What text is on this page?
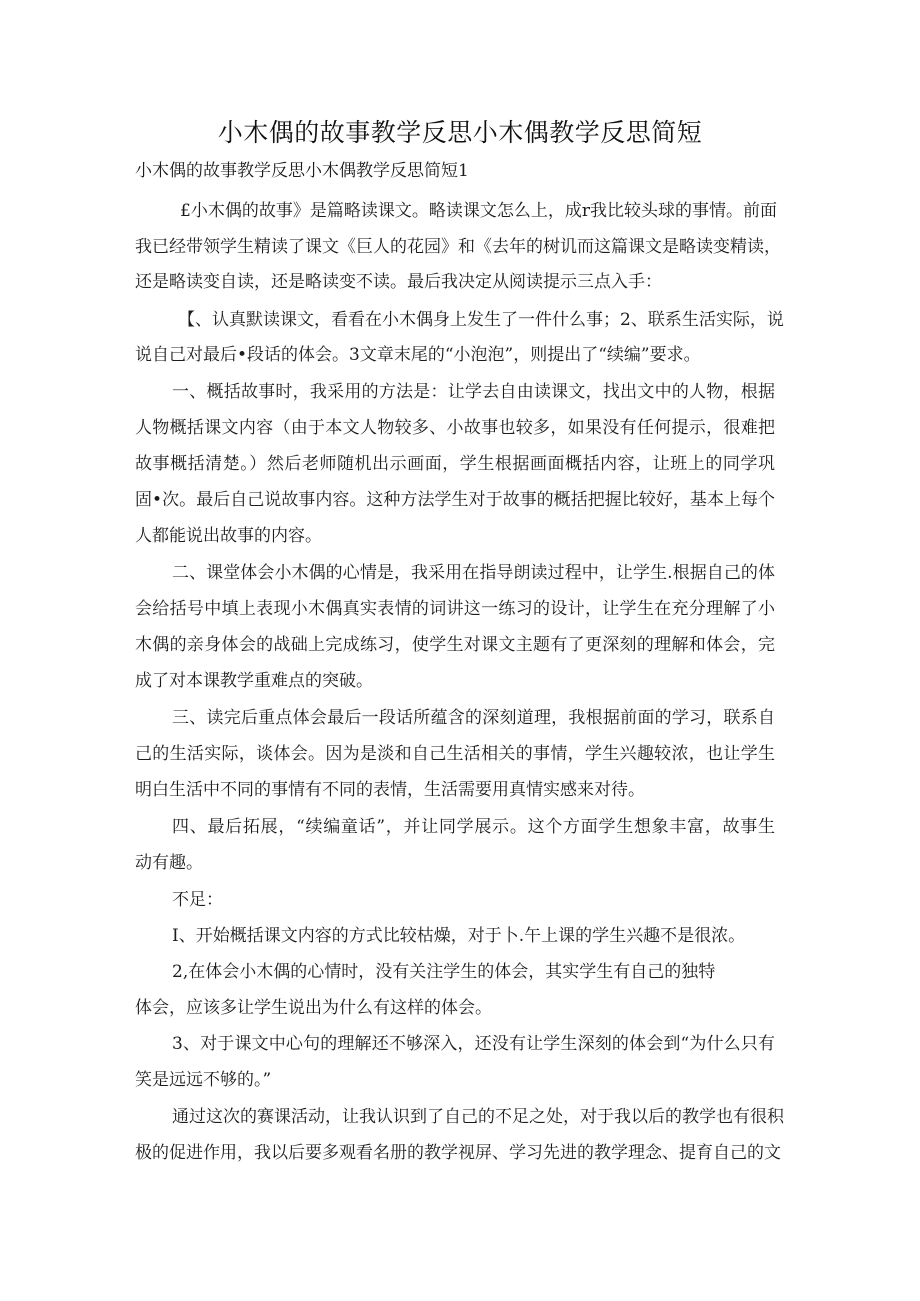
小木偶的故事教学反思小木偶教学反思简短

小木偶的故事教学反思小木偶教学反思简短1

£小木偶的故事》是篇略读课文。略读课文怎么上，成r我比较头球的事情。前面

我已经带领学生精读了课文《巨人的花园》和《去年的树讥而这篇课文是略读变精读，

还是略读变自读，还是略读变不读。最后我决定从阅读提示三点入手：

【、认真默读课文，看看在小木偶身上发生了一件什么事；2、联系生活实际，说

说自己对最后•段话的体会。3文章末尾的“小泡泡”，则提出了“续编”要求。

一、概括故事时，我采用的方法是：让学去自由读课文，找出文中的人物，根据

人物概括课文内容（由于本文人物较多、小故事也较多，如果没有任何提示，很难把

故事概括清楚。）然后老师随机出示画面，学生根据画面概括内容，让班上的同学巩

固•次。最后自己说故事内容。这种方法学生对于故事的概括把握比较好，基本上每个

人都能说出故事的内容。

二、课堂体会小木偶的心情是，我采用在指导朗读过程中，让学生.根据自己的体

会给括号中填上表现小木偶真实表情的词讲这一练习的设计，让学生在充分理解了小

木偶的亲身体会的战础上完成练习，使学生对课文主题有了更深刻的理解和体会，完

成了对本课教学重难点的突破。

三、读完后重点体会最后一段话所蕴含的深刻道理，我根据前面的学习，联系自

己的生活实际，谈体会。因为是淡和自己生活相关的事情，学生兴趣较浓，也让学生

明白生活中不同的事情有不同的表情，生活需要用真情实感来对待。

四、最后拓展，“续编童话”，并让同学展示。这个方面学生想象丰富，故事生

动有趣。

不足：

I、开始概括课文内容的方式比较枯燥，对于卜.午上课的学生兴趣不是很浓。

2,在体会小木偶的心情时，没有关注学生的体会，其实学生有自己的独特

体会，应该多让学生说出为什么有这样的体会。

3、对于课文中心句的理解还不够深入，还没有让学生深刻的体会到“为什么只有

笑是远远不够的。”

通过这次的赛课活动，让我认识到了自己的不足之处，对于我以后的教学也有很积

极的促进作用，我以后要多观看名册的教学视屏、学习先进的教学理念、提育自己的文
